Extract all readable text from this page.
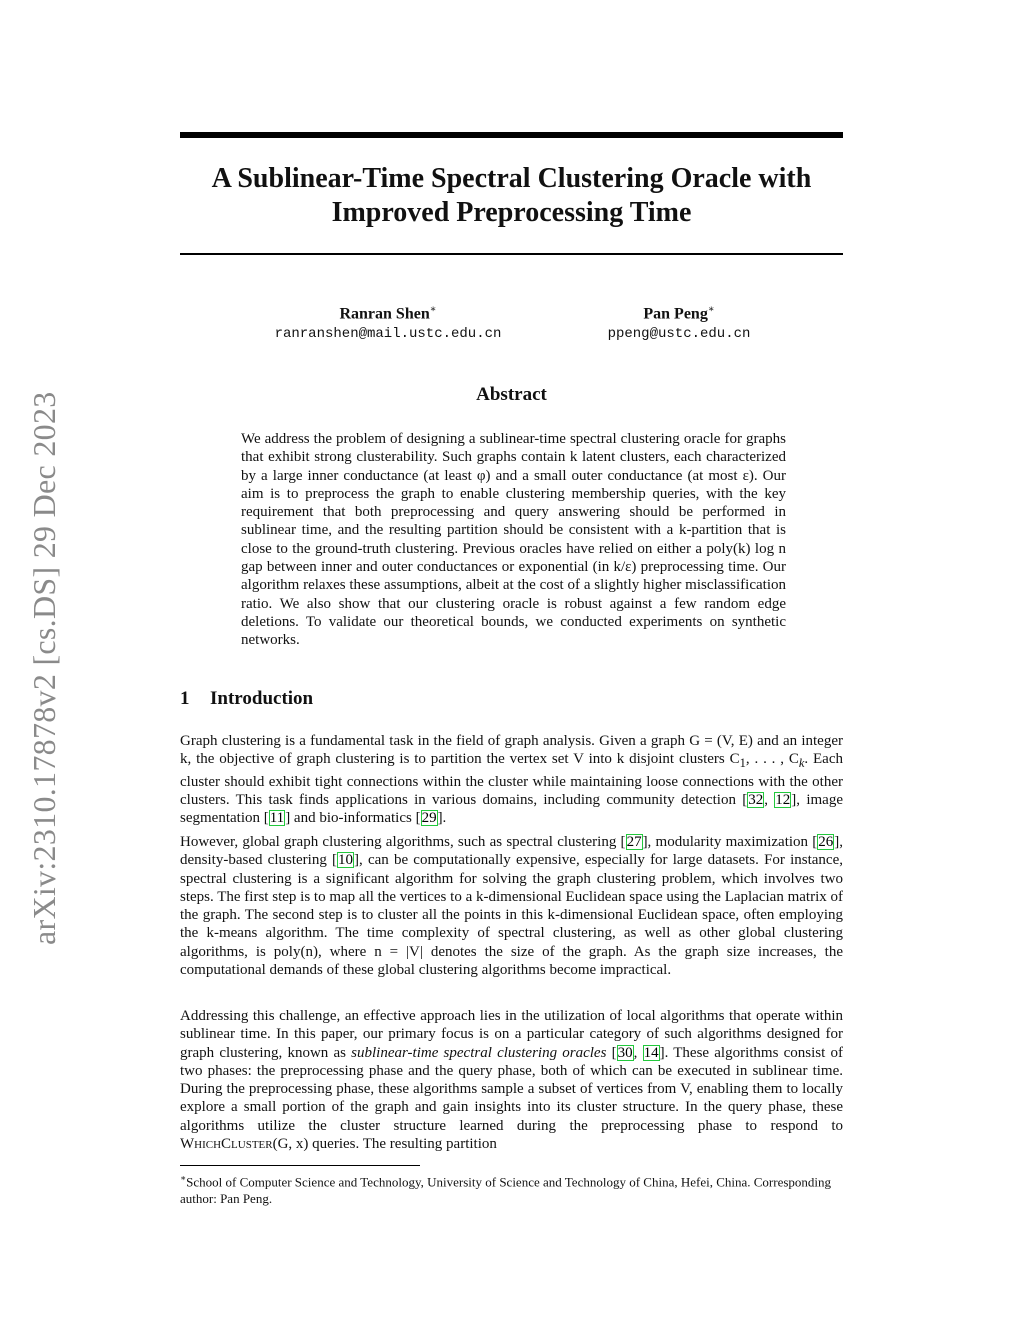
arXiv:2310.17878v2 [cs.DS] 29 Dec 2023
A Sublinear-Time Spectral Clustering Oracle with
Improved Preprocessing Time
Ranran Shen∗
ranranshen@mail.ustc.edu.cn
Pan Peng∗
ppeng@ustc.edu.cn
Abstract
We address the problem of designing a sublinear-time spectral clustering oracle for graphs that exhibit strong clusterability. Such graphs contain k latent clusters, each characterized by a large inner conductance (at least φ) and a small outer conductance (at most ε). Our aim is to preprocess the graph to enable clustering membership queries, with the key requirement that both preprocessing and query answering should be performed in sublinear time, and the resulting partition should be consistent with a k-partition that is close to the ground-truth clustering. Previous oracles have relied on either a poly(k) log n gap between inner and outer conductances or exponential (in k/ε) preprocessing time. Our algorithm relaxes these assumptions, albeit at the cost of a slightly higher misclassification ratio. We also show that our clustering oracle is robust against a few random edge deletions. To validate our theoretical bounds, we conducted experiments on synthetic networks.
1 Introduction

Graph clustering is a fundamental task in the field of graph analysis. Given a graph G = (V, E) and an integer k, the objective of graph clustering is to partition the vertex set V into k disjoint clusters $C_1$, . . . , $C_k$. Each cluster should exhibit tight connections within the cluster while maintaining loose connections with the other clusters. This task finds applications in various domains, including community detection [32, 12], image segmentation [11] and bio-informatics [29].

However, global graph clustering algorithms, such as spectral clustering [27], modularity maximization [26], density-based clustering [10], can be computationally expensive, especially for large datasets. For instance, spectral clustering is a significant algorithm for solving the graph clustering problem, which involves two steps. The first step is to map all the vertices to a k-dimensional Euclidean space using the Laplacian matrix of the graph. The second step is to cluster all the points in this k-dimensional Euclidean space, often employing the k-means algorithm. The time complexity of spectral clustering, as well as other global clustering algorithms, is poly(n), where n = |V| denotes the size of the graph. As the graph size increases, the computational demands of these global clustering algorithms become impractical.

Addressing this challenge, an effective approach lies in the utilization of local algorithms that operate within sublinear time. In this paper, our primary focus is on a particular category of such algorithms designed for graph clustering, known as sublinear-time spectral clustering oracles [30, 14]. These algorithms consist of two phases: the preprocessing phase and the query phase, both of which can be executed in sublinear time. During the preprocessing phase, these algorithms sample a subset of vertices from V, enabling them to locally explore a small portion of the graph and gain insights into its cluster structure. In the query phase, these algorithms utilize the cluster structure learned during the preprocessing phase to respond to WhichCluster(G, x) queries. The resulting partition

∗School of Computer Science and Technology, University of Science and Technology of China, Hefei, China. Corresponding author: Pan Peng.
